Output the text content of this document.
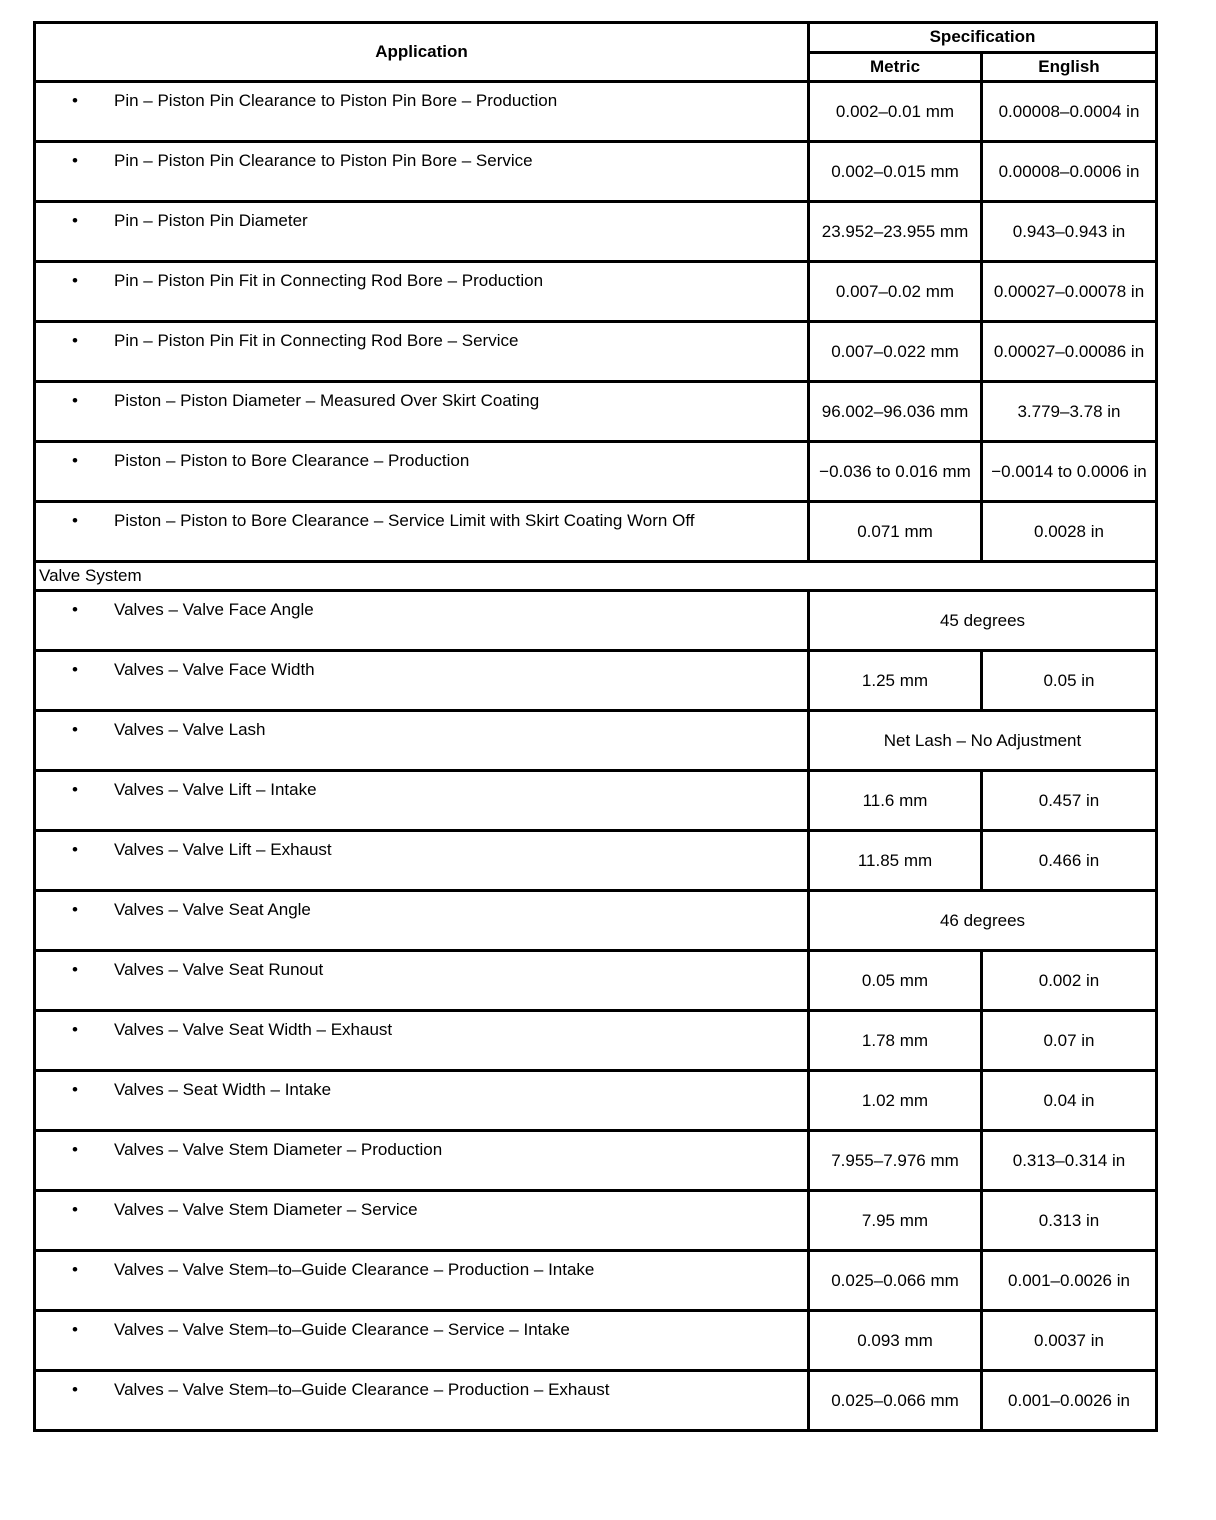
Application	Specification	
	Metric	English

• Pin – Piston Pin Clearance to Piston Pin Bore – Production	0.002–0.01 mm	0.00008–0.0004 in

• Pin – Piston Pin Clearance to Piston Pin Bore – Service	0.002–0.015 mm	0.00008–0.0006 in

• Pin – Piston Pin Diameter	23.952–23.955 mm	0.943–0.943 in

• Pin – Piston Pin Fit in Connecting Rod Bore – Production	0.007–0.02 mm	0.00027–0.00078 in

• Pin – Piston Pin Fit in Connecting Rod Bore – Service	0.007–0.022 mm	0.00027–0.00086 in

• Piston – Piston Diameter – Measured Over Skirt Coating	96.002–96.036 mm	3.779–3.78 in

• Piston – Piston to Bore Clearance – Production	−0.036 to 0.016 mm	−0.0014 to 0.0006 in

• Piston – Piston to Bore Clearance – Service Limit with Skirt Coating Worn Off	0.071 mm	0.0028 in
Valve System		

• Valves – Valve Face Angle	45 degrees	

• Valves – Valve Face Width	1.25 mm	0.05 in

• Valves – Valve Lash	Net Lash – No Adjustment	

• Valves – Valve Lift – Intake	11.6 mm	0.457 in

• Valves – Valve Lift – Exhaust	11.85 mm	0.466 in

• Valves – Valve Seat Angle	46 degrees	

• Valves – Valve Seat Runout	0.05 mm	0.002 in

• Valves – Valve Seat Width – Exhaust	1.78 mm	0.07 in

• Valves – Seat Width – Intake	1.02 mm	0.04 in

• Valves – Valve Stem Diameter – Production	7.955–7.976 mm	0.313–0.314 in

• Valves – Valve Stem Diameter – Service	7.95 mm	0.313 in

• Valves – Valve Stem–to–Guide Clearance – Production – Intake	0.025–0.066 mm	0.001–0.0026 in

• Valves – Valve Stem–to–Guide Clearance – Service – Intake	0.093 mm	0.0037 in

• Valves – Valve Stem–to–Guide Clearance – Production – Exhaust	0.025–0.066 mm	0.001–0.0026 in
